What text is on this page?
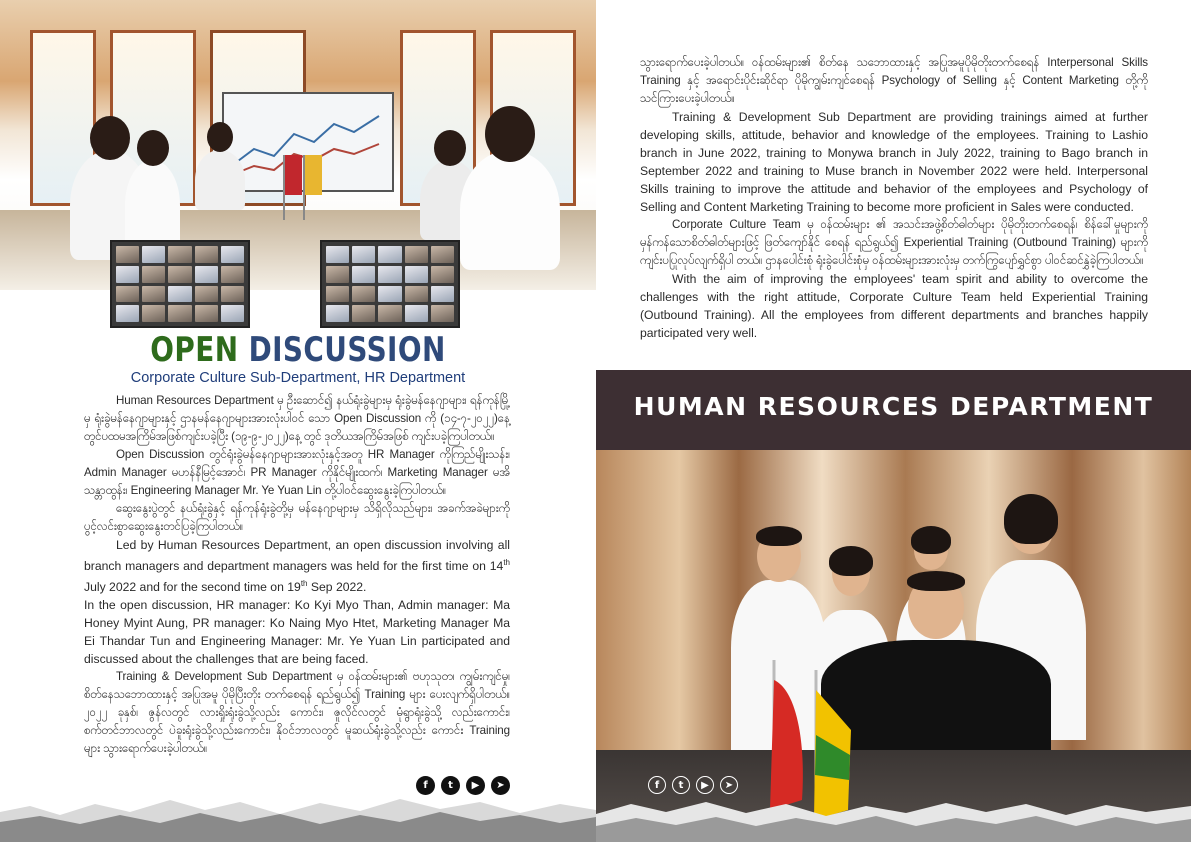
OPEN DISCUSSION
Corporate Culture Sub-Department, HR Department

Human Resources Department မှ ဦးဆောင်၍ နယ်ရုံးခွဲများမှ ရုံးခွဲမန်နေဂျာများ၊ ရန်ကုန်မြို့မှ ရုံးခွဲမန်နေဂျာများနှင့် ဌာနမန်နေဂျာများအားလုံးပါဝင် သော Open Discussion ကို (၁၄-၇-၂၀၂၂)နေ့ တွင်ပထမအကြိမ်အဖြစ်ကျင်းပခဲ့ပြီး (၁၉-၉-၂၀၂၂)နေ့ တွင် ဒုတိယအကြိမ်အဖြစ် ကျင်းပခဲ့ကြပါတယ်။

Open Discussion တွင်ရုံးခွဲမန်နေဂျာများအားလုံးနှင့်အတူ HR Manager ကိုကြည်မျိုးသန်း၊ Admin Manager မဟန်နီမြင့်အောင်၊ PR Manager ကိုနိုင်မျိုးထက်၊ Marketing Manager မအိသန္တာထွန်း၊ Engineering Manager Mr. Ye Yuan Lin တို့ပါဝင်ဆွေးနွေးခဲ့ကြပါတယ်။

ဆွေးနွေးပွဲတွင် နယ်ရုံးခွဲနှင့် ရန်ကုန်ရုံးခွဲတို့မှ မန်နေဂျာများမှ သိရှိလိုသည်များ၊ အခက်အခဲများကို ပွင့်လင်းစွာဆွေးနွေးတင်ပြခဲ့ကြပါတယ်။

Led by Human Resources Department, an open discussion involving all branch managers and department managers was held for the first time on 14th July 2022 and for the second time on 19th Sep 2022.

In the open discussion, HR manager: Ko Kyi Myo Than, Admin manager: Ma Honey Myint Aung, PR manager: Ko Naing Myo Htet, Marketing Manager Ma Ei Thandar Tun and Engineering Manager: Mr. Ye Yuan Lin participated and discussed about the challenges that are being faced.

Training & Development Sub Department မှ ဝန်ထမ်းများ၏ ဗဟုသုတ၊ ကျွမ်းကျင်မှု၊ စိတ်နေသဘောထားနှင့် အပြုအမူ ပိုမိုပြီးတိုး တက်စေရန် ရည်ရွယ်၍ Training များ ပေးလျက်ရှိပါတယ်။ ၂၀၂၂ ခုနှစ်၊ ဇွန်လတွင် လားရှိုးရုံးခွဲသို့လည်း ကောင်း၊ ဇူလိုင်လတွင် မုံရွာရုံးခွဲသို့ လည်းကောင်း၊ စက်တင်ဘာလတွင် ပဲခူးရုံးခွဲသို့လည်းကောင်း၊ နိုဝင်ဘာလတွင် မူဆယ်ရုံးခွဲသို့လည်း ကောင်း Training များ သွားရောက်ပေးခဲ့ပါတယ်။

f	t	▶	➤

သွားရောက်ပေးခဲ့ပါတယ်။ ဝန်ထမ်းများ၏ စိတ်နေ သဘောထားနှင့် အပြုအမူပိုမိုတိုးတက်စေရန် Interpersonal Skills Training နှင့် အရောင်းပိုင်းဆိုင်ရာ ပိုမိုကျွမ်းကျင်စေရန် Psychology of Selling နှင့် Content Marketing တို့ကို သင်ကြားပေးခဲ့ပါတယ်။

Training & Development Sub Department are providing trainings aimed at further developing skills, attitude, behavior and knowledge of the employees. Training to Lashio branch in June 2022, training to Monywa branch in July 2022, training to Bago branch in September 2022 and training to Muse branch in November 2022 were held. Interpersonal Skills training to improve the attitude and behavior of the employees and Psychology of Selling and Content Marketing Training to become more proficient in Sales were conducted.

Corporate Culture Team မှ ဝန်ထမ်းများ ၏ အသင်းအဖွဲ့စိတ်ဓါတ်များ ပိုမိုတိုးတက်စေရန်၊ စိန်ခေါ်မှုများကို မှန်ကန်သောစိတ်ဓါတ်များဖြင့် ဖြတ်ကျော်နိုင် စေရန် ရည်ရွယ်၍ Experiential Training (Outbound Training) များကို ကျင်းပပြုလုပ်လျက်ရှိပါ တယ်။ ဌာနပေါင်းစုံ ရုံးခွဲပေါင်းစုံမှ ဝန်ထမ်းများအားလုံးမှ တက်ကြွပျော်ရွှင်စွာ ပါဝင်ဆင်နွှဲခဲ့ကြပါတယ်။

With the aim of improving the employees' team spirit and ability to overcome the challenges with the right attitude, Corporate Culture Team held Experiential Training (Outbound Training). All the employees from different departments and branches happily participated very well.

HUMAN RESOURCES DEPARTMENT
f	t	▶	➤
